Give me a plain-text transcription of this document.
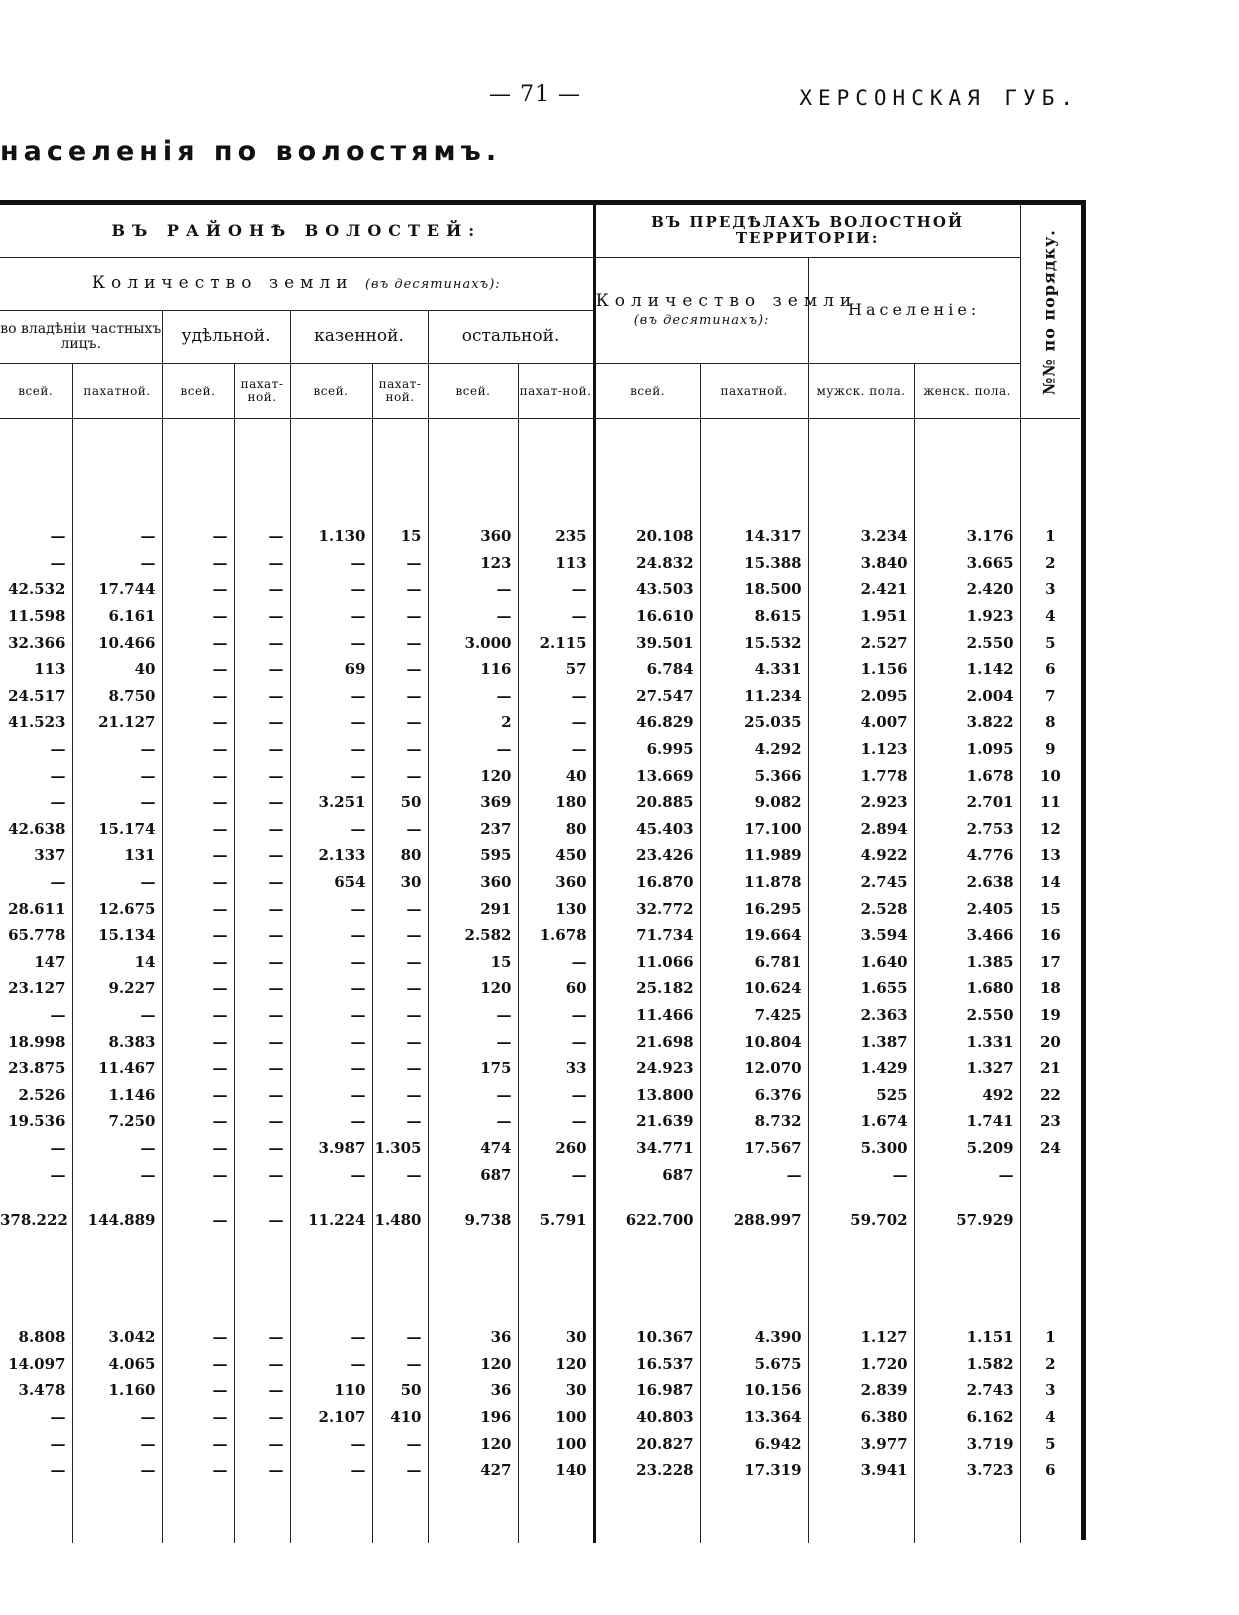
— 71 —	ХЕРСОНСКАЯ ГУБ.
населенія по волостямъ.
ВЪ РАЙОНѢ ВОЛОСТЕЙ:								ВЪ ПРЕДѢЛАХЪ ВОЛОСТНОЙ ТЕРРИТОРІИ:				№№ по порядку.

Количество земли (въ десятинахъ):								Количество земли
(въ десятинахъ):		Населеніе:		
во владѣніи частныхъ лицъ.		удѣльной.		казенной.		остальной.						
всей.	пахатной.	всей.	пахат-ной.	всей.	пахат-ной.	всей.	пахат-ной.	всей.	пахатной.	мужск. пола.	женск. пола.	

—	—	—	—	1.130	15	360	235	20.108	14.317	3.234	3.176	1
—	—	—	—	—	—	123	113	24.832	15.388	3.840	3.665	2
42.532	17.744	—	—	—	—	—	—	43.503	18.500	2.421	2.420	3
11.598	6.161	—	—	—	—	—	—	16.610	8.615	1.951	1.923	4
32.366	10.466	—	—	—	—	3.000	2.115	39.501	15.532	2.527	2.550	5
113	40	—	—	69	—	116	57	6.784	4.331	1.156	1.142	6
24.517	8.750	—	—	—	—	—	—	27.547	11.234	2.095	2.004	7
41.523	21.127	—	—	—	—	2	—	46.829	25.035	4.007	3.822	8
—	—	—	—	—	—	—	—	6.995	4.292	1.123	1.095	9
—	—	—	—	—	—	120	40	13.669	5.366	1.778	1.678	10
—	—	—	—	3.251	50	369	180	20.885	9.082	2.923	2.701	11
42.638	15.174	—	—	—	—	237	80	45.403	17.100	2.894	2.753	12
337	131	—	—	2.133	80	595	450	23.426	11.989	4.922	4.776	13
—	—	—	—	654	30	360	360	16.870	11.878	2.745	2.638	14
28.611	12.675	—	—	—	—	291	130	32.772	16.295	2.528	2.405	15
65.778	15.134	—	—	—	—	2.582	1.678	71.734	19.664	3.594	3.466	16
147	14	—	—	—	—	15	—	11.066	6.781	1.640	1.385	17
23.127	9.227	—	—	—	—	120	60	25.182	10.624	1.655	1.680	18
—	—	—	—	—	—	—	—	11.466	7.425	2.363	2.550	19
18.998	8.383	—	—	—	—	—	—	21.698	10.804	1.387	1.331	20
23.875	11.467	—	—	—	—	175	33	24.923	12.070	1.429	1.327	21
2.526	1.146	—	—	—	—	—	—	13.800	6.376	525	492	22
19.536	7.250	—	—	—	—	—	—	21.639	8.732	1.674	1.741	23
—	—	—	—	3.987	1.305	474	260	34.771	17.567	5.300	5.209	24
—	—	—	—	—	—	687	—	687	—	—	—	
378.222	144.889	—	—	11.224	1.480	9.738	5.791	622.700	288.997	59.702	57.929	

8.808	3.042	—	—	—	—	36	30	10.367	4.390	1.127	1.151	1
14.097	4.065	—	—	—	—	120	120	16.537	5.675	1.720	1.582	2
3.478	1.160	—	—	110	50	36	30	16.987	10.156	2.839	2.743	3
—	—	—	—	2.107	410	196	100	40.803	13.364	6.380	6.162	4
—	—	—	—	—	—	120	100	20.827	6.942	3.977	3.719	5
—	—	—	—	—	—	427	140	23.228	17.319	3.941	3.723	6
